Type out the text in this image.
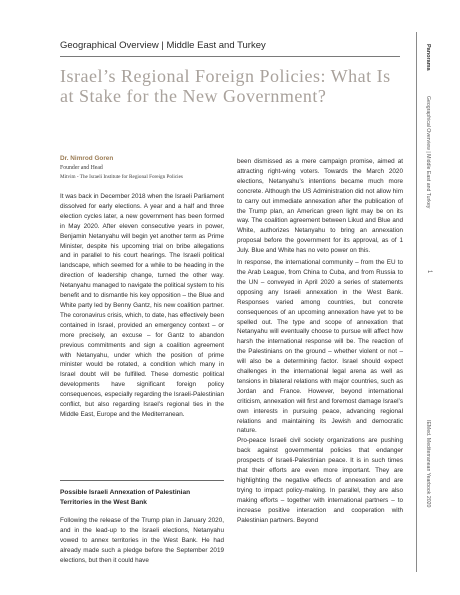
Geographical Overview | Middle East and Turkey
Israel’s Regional Foreign Policies: What Is at Stake for the New Government?
Dr. Nimrod Goren
Founder and Head
Mitvim - The Israeli Institute for Regional Foreign Policies

It was back in December 2018 when the Israeli Parliament dissolved for early elections. A year and a half and three election cycles later, a new government has been formed in May 2020. After eleven consecutive years in power, Benjamin Netanyahu will begin yet another term as Prime Minister, despite his upcoming trial on bribe allegations and in parallel to his court hearings. The Israeli political landscape, which seemed for a while to be heading in the direction of leadership change, turned the other way. Netanyahu managed to navigate the political system to his benefit and to dismantle his key opposition – the Blue and White party led by Benny Gantz, his new coalition partner. The coronavirus crisis, which, to date, has effectively been contained in Israel, provided an emergency context – or more precisely, an excuse – for Gantz to abandon previous commitments and sign a coalition agreement with Netanyahu, under which the position of prime minister would be rotated, a condition which many in Israel doubt will be fulfilled. These domestic political developments have significant foreign policy consequences, especially regarding the Israeli-Palestinian conflict, but also regarding Israel’s regional ties in the Middle East, Europe and the Mediterranean.

Possible Israeli Annexation of Palestinian Territories in the West Bank

Following the release of the Trump plan in January 2020, and in the lead-up to the Israeli elections, Netanyahu vowed to annex territories in the West Bank. He had already made such a pledge before the September 2019 elections, but then it could have

been dismissed as a mere campaign promise, aimed at attracting right-wing voters. Towards the March 2020 elections, Netanyahu’s intentions became much more concrete. Although the US Administration did not allow him to carry out immediate annexation after the publication of the Trump plan, an American green light may be on its way. The coalition agreement between Likud and Blue and White, authorizes Netanyahu to bring an annexation proposal before the government for its approval, as of 1 July. Blue and White has no veto power on this.

In response, the international community – from the EU to the Arab League, from China to Cuba, and from Russia to the UN – conveyed in April 2020 a series of statements opposing any Israeli annexation in the West Bank. Responses varied among countries, but concrete consequences of an upcoming annexation have yet to be spelled out. The type and scope of annexation that Netanyahu will eventually choose to pursue will affect how harsh the international response will be. The reaction of the Palestinians on the ground – whether violent or not – will also be a determining factor. Israel should expect challenges in the international legal arena as well as tensions in bilateral relations with major countries, such as Jordan and France. However, beyond international criticism, annexation will first and foremost damage Israel’s own interests in pursuing peace, advancing regional relations and maintaining its Jewish and democratic nature.

Pro-peace Israeli civil society organizations are pushing back against governmental policies that endanger prospects of Israeli-Palestinian peace. It is in such times that their efforts are even more important. They are highlighting the negative effects of annexation and are trying to impact policy-making. In parallel, they are also making efforts – together with international partners – to increase positive interaction and cooperation with Palestinian partners. Beyond

Panorama
Geographical Overview | Middle East and Turkey
1
IEMed. Mediterranean Yearbook 2020
